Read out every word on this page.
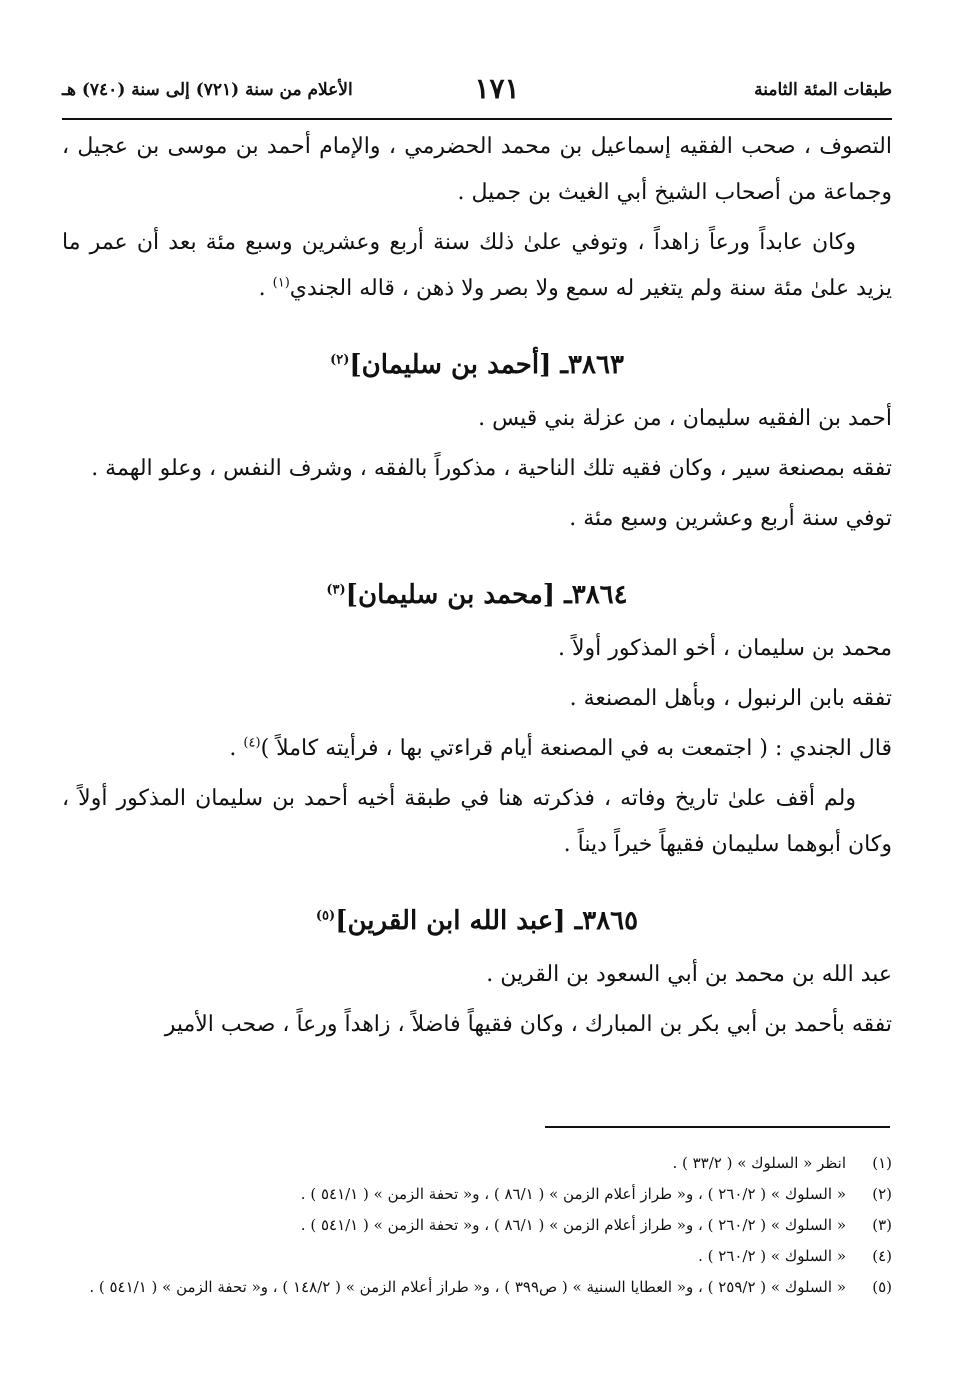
طبقات المئة الثامنة
١٧١
الأعلام من سنة (٧٢١) إلى سنة (٧٤٠) هـ

التصوف ، صحب الفقيه إسماعيل بن محمد الحضرمي ، والإمام أحمد بن موسى بن عجيل ، وجماعة من أصحاب الشيخ أبي الغيث بن جميل .

وكان عابداً ورعاً زاهداً ، وتوفي علىٰ ذلك سنة أربع وعشرين وسبع مئة بعد أن عمر ما يزيد علىٰ مئة سنة ولم يتغير له سمع ولا بصر ولا ذهن ، قاله الجندي$^{(١)}$ .

٣٨٦٣ـ [أحمد بن سليمان]$^{(٢)}$

أحمد بن الفقيه سليمان ، من عزلة بني قيس .

تفقه بمصنعة سير ، وكان فقيه تلك الناحية ، مذكوراً بالفقه ، وشرف النفس ، وعلو الهمة .

توفي سنة أربع وعشرين وسبع مئة .

٣٨٦٤ـ [محمد بن سليمان]$^{(٣)}$

محمد بن سليمان ، أخو المذكور أولاً .

تفقه بابن الرنبول ، وبأهل المصنعة .

قال الجندي : ( اجتمعت به في المصنعة أيام قراءتي بها ، فرأيته كاملاً )$^{(٤)}$ .

ولم أقف علىٰ تاريخ وفاته ، فذكرته هنا في طبقة أخيه أحمد بن سليمان المذكور أولاً ، وكان أبوهما سليمان فقيهاً خيراً ديناً .

٣٨٦٥ـ [عبد الله ابن القرين]$^{(٥)}$

عبد الله بن محمد بن أبي السعود بن القرين .

تفقه بأحمد بن أبي بكر بن المبارك ، وكان فقيهاً فاضلاً ، زاهداً ورعاً ، صحب الأمير

(١)
انظر « السلوك » ( ٣٣/٢ ) .
(٢)
« السلوك » ( ٢٦٠/٢ ) ، و« طراز أعلام الزمن » ( ٨٦/١ ) ، و« تحفة الزمن » ( ٥٤١/١ ) .
(٣)
« السلوك » ( ٢٦٠/٢ ) ، و« طراز أعلام الزمن » ( ٨٦/١ ) ، و« تحفة الزمن » ( ٥٤١/١ ) .
(٤)
« السلوك » ( ٢٦٠/٢ ) .
(٥)
« السلوك » ( ٢٥٩/٢ ) ، و« العطايا السنية » ( ص٣٩٩ ) ، و« طراز أعلام الزمن » ( ١٤٨/٢ ) ، و« تحفة الزمن » ( ٥٤١/١ ) .
